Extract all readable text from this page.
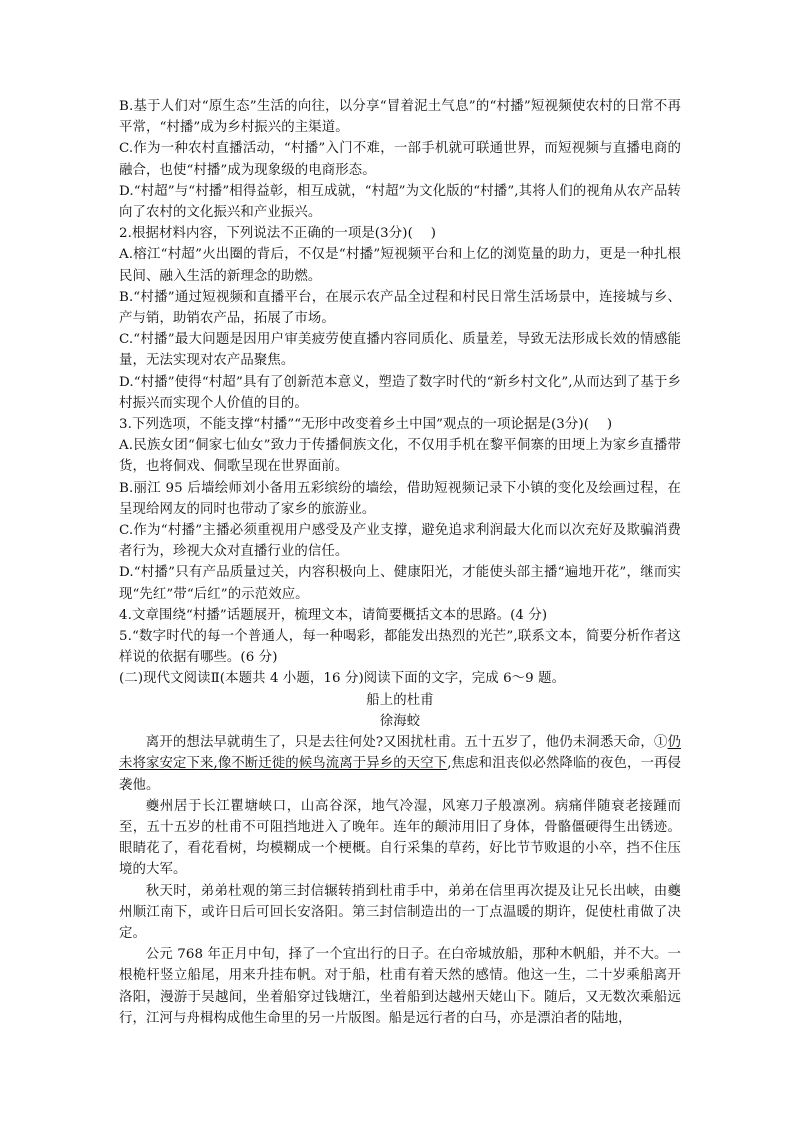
B.基于人们对“原生态”生活的向往，以分享“冒着泥土气息”的“村播”短视频使农村的日常不再平常，“村播”成为乡村振兴的主渠道。

C.作为一种农村直播活动，“村播”入门不难，一部手机就可联通世界，而短视频与直播电商的融合，也使“村播”成为现象级的电商形态。

D.“村超”与“村播”相得益彰，相互成就，“村超”为文化版的“村播”,其将人们的视角从农产品转向了农村的文化振兴和产业振兴。

2.根据材料内容，下列说法不正确的一项是(3分)(　 )

A.榕江“村超”火出圈的背后，不仅是“村播”短视频平台和上亿的浏览量的助力，更是一种扎根民间、融入生活的新理念的助燃。

B.“村播”通过短视频和直播平台，在展示农产品全过程和村民日常生活场景中，连接城与乡、产与销，助销农产品，拓展了市场。

C.“村播”最大问题是因用户审美疲劳使直播内容同质化、质量差，导致无法形成长效的情感能量，无法实现对农产品聚焦。

D.“村播”使得“村超”具有了创新范本意义，塑造了数字时代的“新乡村文化”,从而达到了基于乡村振兴而实现个人价值的目的。

3.下列选项，不能支撑“村播”“无形中改变着乡土中国”观点的一项论据是(3分)(　 )

A.民族女团“侗家七仙女”致力于传播侗族文化，不仅用手机在黎平侗寨的田埂上为家乡直播带货，也将侗戏、侗歌呈现在世界面前。

B.丽江 95 后墙绘师刘小备用五彩缤纷的墙绘，借助短视频记录下小镇的变化及绘画过程，在呈现给网友的同时也带动了家乡的旅游业。

C.作为“村播”主播必须重视用户感受及产业支撑，避免追求利润最大化而以次充好及欺骗消费者行为，珍视大众对直播行业的信任。

D.“村播”只有产品质量过关，内容积极向上、健康阳光，才能使头部主播“遍地开花”，继而实现“先红”带“后红”的示范效应。

4.文章围绕“村播”话题展开，梳理文本，请简要概括文本的思路。(4 分)

5.“数字时代的每一个普通人，每一种喝彩，都能发出热烈的光芒”,联系文本，简要分析作者这样说的依据有哪些。(6 分)

(二)现代文阅读Ⅱ(本题共 4 小题，16 分)阅读下面的文字，完成 6～9 题。

船上的杜甫

徐海蛟

离开的想法早就萌生了，只是去往何处?又困扰杜甫。五十五岁了，他仍未洞悉天命，①仍未将家安定下来,像不断迁徙的候鸟流离于异乡的天空下,焦虑和沮丧似必然降临的夜色，一再侵袭他。

夔州居于长江瞿塘峡口，山高谷深，地气冷湿，风寒刀子般凛冽。病痛伴随衰老接踵而至，五十五岁的杜甫不可阻挡地进入了晚年。连年的颠沛用旧了身体，骨骼僵硬得生出锈迹。眼睛花了，看花看树，均模糊成一个梗概。自行采集的草药，好比节节败退的小卒，挡不住压境的大军。

秋天时，弟弟杜观的第三封信辗转捎到杜甫手中，弟弟在信里再次提及让兄长出峡，由夔州顺江南下，或许日后可回长安洛阳。第三封信制造出的一丁点温暖的期许，促使杜甫做了决定。

公元 768 年正月中旬，择了一个宜出行的日子。在白帝城放船，那种木帆船，并不大。一根桅杆竖立船尾，用来升挂布帆。对于船，杜甫有着天然的感情。他这一生，二十岁乘船离开洛阳，漫游于吴越间，坐着船穿过钱塘江，坐着船到达越州天姥山下。随后，又无数次乘船远行，江河与舟楫构成他生命里的另一片版图。船是远行者的白马，亦是漂泊者的陆地，
